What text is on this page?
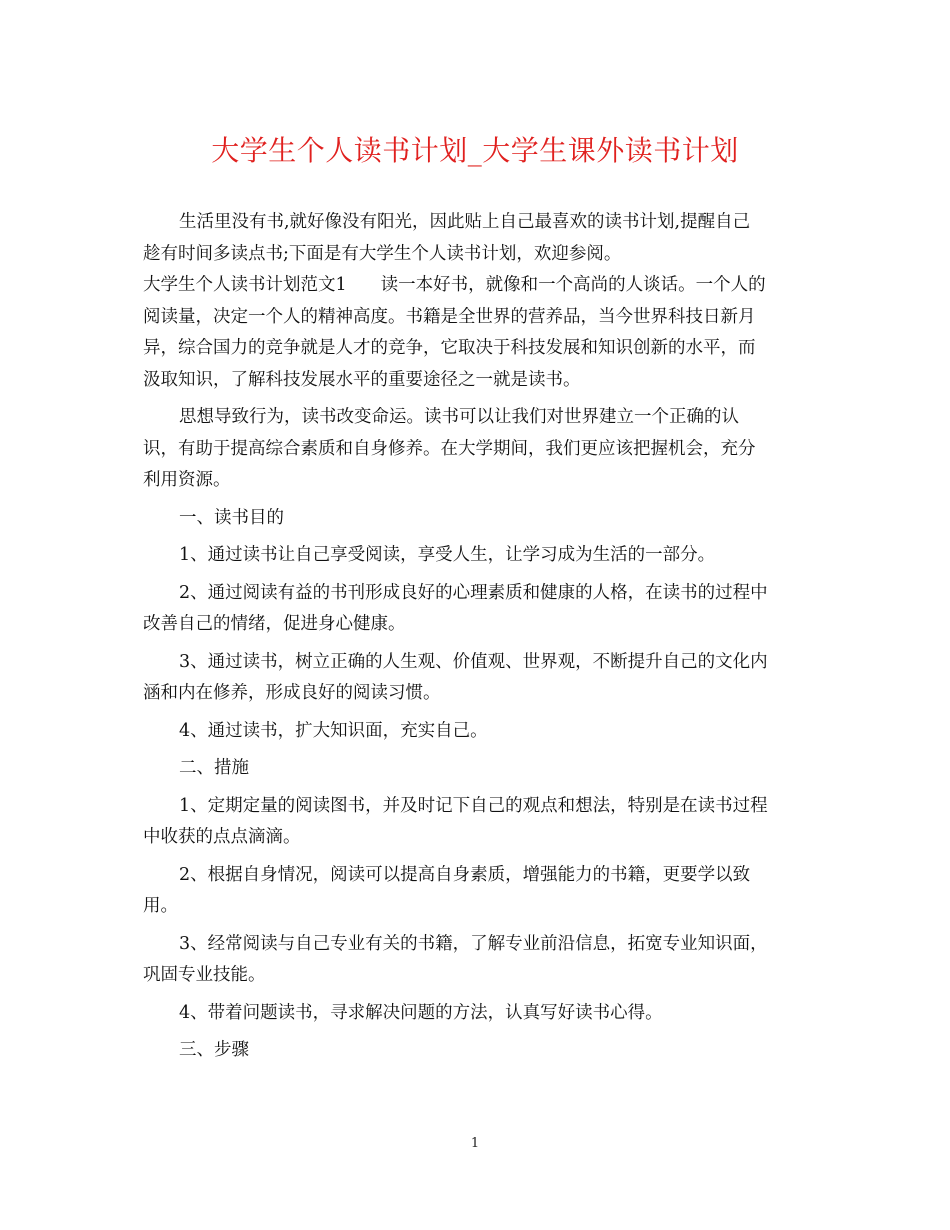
大学生个人读书计划_大学生课外读书计划
生活里没有书,就好像没有阳光，因此贴上自己最喜欢的读书计划,提醒自己
趁有时间多读点书;下面是有大学生个人读书计划，欢迎参阅。
大学生个人读书计划范文1 读一本好书，就像和一个高尚的人谈话。一个人的
阅读量，决定一个人的精神高度。书籍是全世界的营养品，当今世界科技日新月
异，综合国力的竞争就是人才的竞争，它取决于科技发展和知识创新的水平，而
汲取知识，了解科技发展水平的重要途径之一就是读书。
思想导致行为，读书改变命运。读书可以让我们对世界建立一个正确的认
识，有助于提高综合素质和自身修养。在大学期间，我们更应该把握机会，充分
利用资源。
一、读书目的
1、通过读书让自己享受阅读，享受人生，让学习成为生活的一部分。
2、通过阅读有益的书刊形成良好的心理素质和健康的人格，在读书的过程中
改善自己的情绪，促进身心健康。
3、通过读书，树立正确的人生观、价值观、世界观，不断提升自己的文化内
涵和内在修养，形成良好的阅读习惯。
4、通过读书，扩大知识面，充实自己。
二、措施
1、定期定量的阅读图书，并及时记下自己的观点和想法，特别是在读书过程
中收获的点点滴滴。
2、根据自身情况，阅读可以提高自身素质，增强能力的书籍，更要学以致
用。
3、经常阅读与自己专业有关的书籍，了解专业前沿信息，拓宽专业知识面，
巩固专业技能。
4、带着问题读书，寻求解决问题的方法，认真写好读书心得。
三、步骤
1
